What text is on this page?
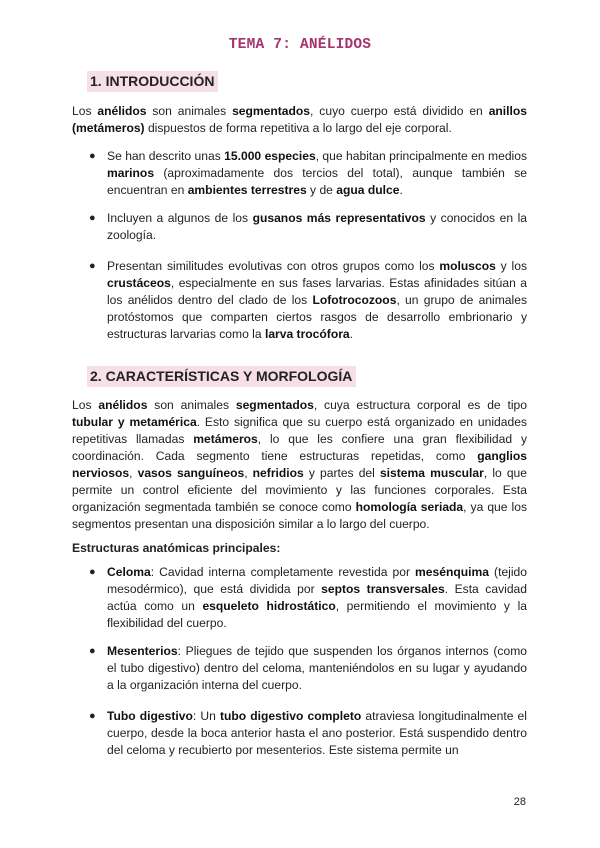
TEMA 7: ANÉLIDOS
1. INTRODUCCIÓN

Los anélidos son animales segmentados, cuyo cuerpo está dividido en anillos (metámeros) dispuestos de forma repetitiva a lo largo del eje corporal.

● Se han descrito unas 15.000 especies, que habitan principalmente en medios marinos (aproximadamente dos tercios del total), aunque también se encuentran en ambientes terrestres y de agua dulce.

● Incluyen a algunos de los gusanos más representativos y conocidos en la zoología.

● Presentan similitudes evolutivas con otros grupos como los moluscos y los crustáceos, especialmente en sus fases larvarias. Estas afinidades sitúan a los anélidos dentro del clado de los Lofotrocozoos, un grupo de animales protóstomos que comparten ciertos rasgos de desarrollo embrionario y estructuras larvarias como la larva trocófora.

2. CARACTERÍSTICAS Y MORFOLOGÍA

Los anélidos son animales segmentados, cuya estructura corporal es de tipo tubular y metamérica. Esto significa que su cuerpo está organizado en unidades repetitivas llamadas metámeros, lo que les confiere una gran flexibilidad y coordinación. Cada segmento tiene estructuras repetidas, como ganglios nerviosos, vasos sanguíneos, nefridios y partes del sistema muscular, lo que permite un control eficiente del movimiento y las funciones corporales. Esta organización segmentada también se conoce como homología seriada, ya que los segmentos presentan una disposición similar a lo largo del cuerpo.

Estructuras anatómicas principales:
● Celoma: Cavidad interna completamente revestida por mesénquima (tejido mesodérmico), que está dividida por septos transversales. Esta cavidad actúa como un esqueleto hidrostático, permitiendo el movimiento y la flexibilidad del cuerpo.

● Mesenterios: Pliegues de tejido que suspenden los órganos internos (como el tubo digestivo) dentro del celoma, manteniéndolos en su lugar y ayudando a la organización interna del cuerpo.

● Tubo digestivo: Un tubo digestivo completo atraviesa longitudinalmente el cuerpo, desde la boca anterior hasta el ano posterior. Está suspendido dentro del celoma y recubierto por mesenterios. Este sistema permite un

28
